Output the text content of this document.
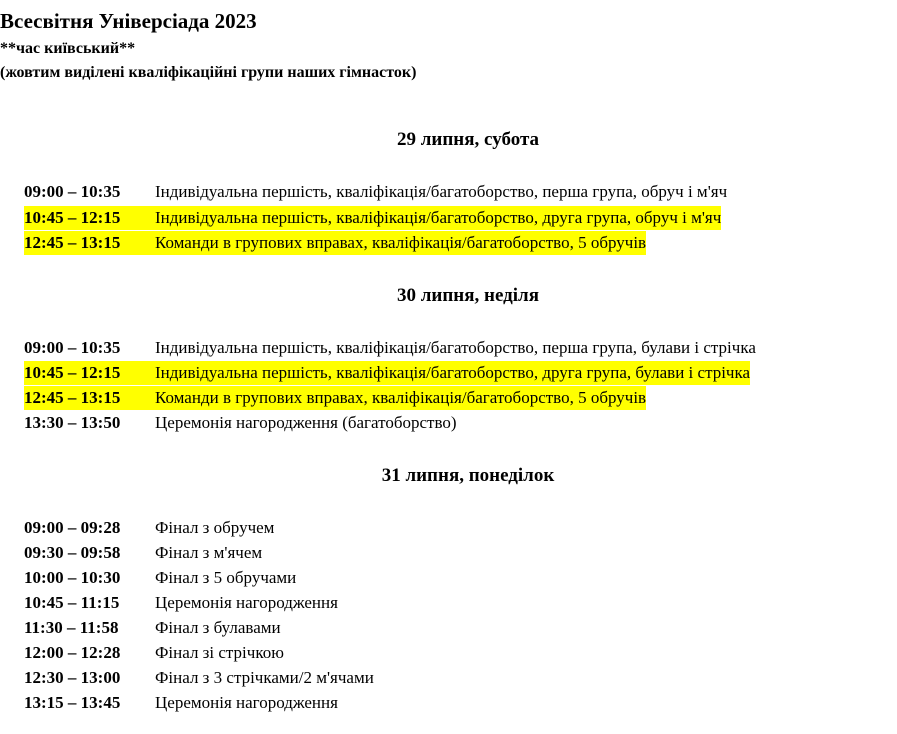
Всесвітня Універсіада 2023
**час київський**
(жовтим виділені кваліфікаційні групи наших гімнасток)
29 липня, субота
09:00 – 10:35 Індивідуальна першість, кваліфікація/багатоборство, перша група, обруч і м'яч
10:45 – 12:15 Індивідуальна першість, кваліфікація/багатоборство, друга група, обруч і м'яч
12:45 – 13:15 Команди в групових вправах, кваліфікація/багатоборство, 5 обручів
30 липня, неділя
09:00 – 10:35 Індивідуальна першість, кваліфікація/багатоборство, перша група, булави і стрічка
10:45 – 12:15 Індивідуальна першість, кваліфікація/багатоборство, друга група, булави і стрічка
12:45 – 13:15 Команди в групових вправах, кваліфікація/багатоборство, 5 обручів
13:30 – 13:50 Церемонія нагородження (багатоборство)
31 липня, понеділок
09:00 – 09:28 Фінал з обручем
09:30 – 09:58 Фінал з м'ячем
10:00 – 10:30 Фінал з 5 обручами
10:45 – 11:15 Церемонія нагородження
11:30 – 11:58 Фінал з булавами
12:00 – 12:28 Фінал зі стрічкою
12:30 – 13:00 Фінал з 3 стрічками/2 м'ячами
13:15 – 13:45 Церемонія нагородження
